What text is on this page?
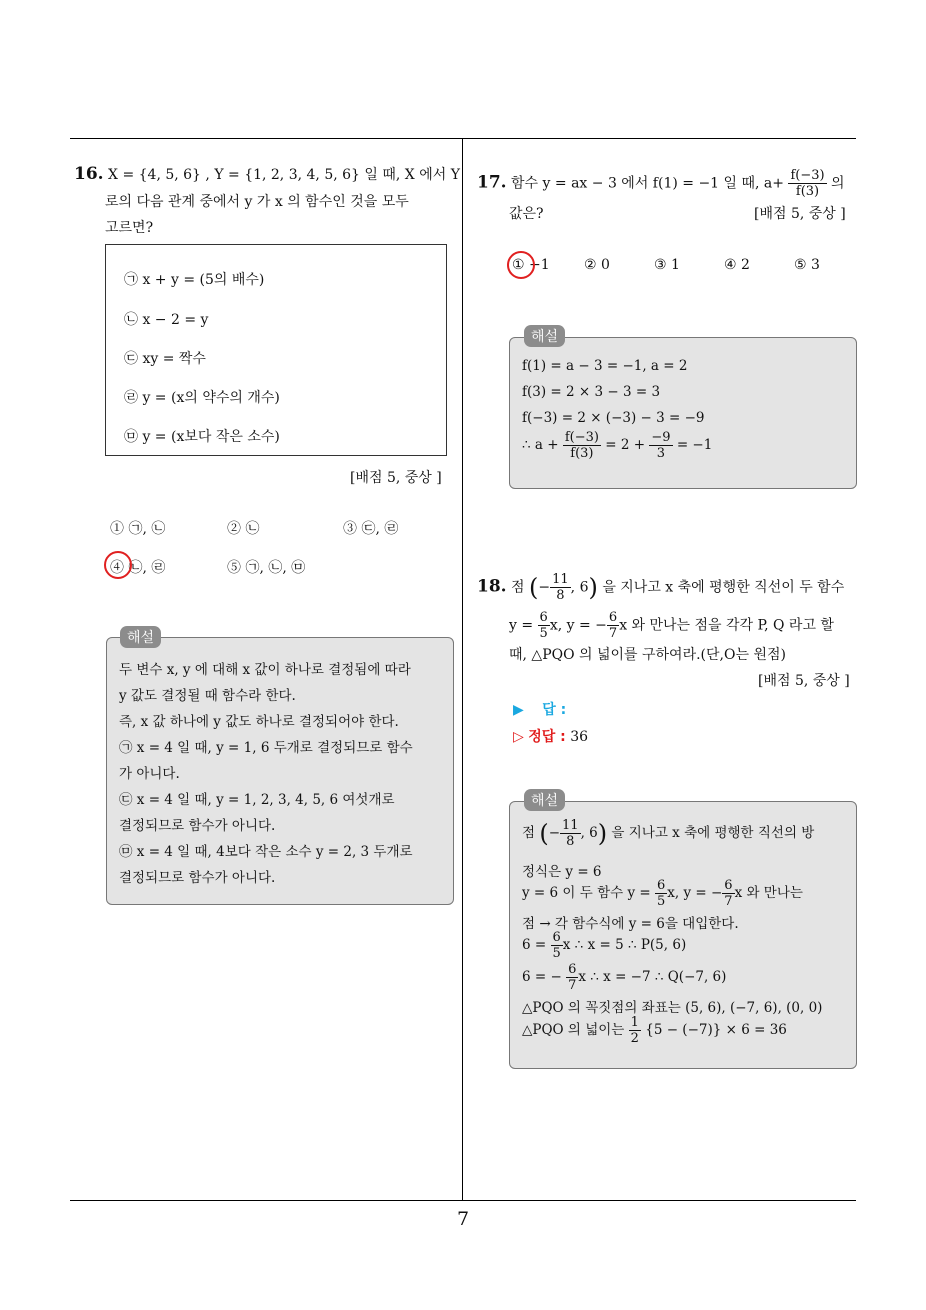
16. X = {4, 5, 6} , Y = {1, 2, 3, 4, 5, 6} 일 때, X 에서 Y
로의 다음 관계 중에서 y 가 x 의 함수인 것을 모두
고르면?
㉠ x + y = (5의 배수)
㉡ x − 2 = y
㉢ xy = 짝수
㉣ y = (x의 약수의 개수)
㉤ y = (x보다 작은 소수)
[배점 5, 중상 ]
① ㉠, ㉡	② ㉡	③ ㉢, ㉣
④ ㉡, ㉣	⑤ ㉠, ㉡, ㉤
두 변수 x, y 에 대해 x 값이 하나로 결정됨에 따라
y 값도 결정될 때 함수라 한다.
즉, x 값 하나에 y 값도 하나로 결정되어야 한다.
㉠ x = 4 일 때, y = 1, 6 두개로 결정되므로 함수
가 아니다.
㉢ x = 4 일 때, y = 1, 2, 3, 4, 5, 6 여섯개로
결정되므로 함수가 아니다.
㉤ x = 4 일 때, 4보다 작은 소수 y = 2, 3 두개로
결정되므로 함수가 아니다.
해설
17. 함수 y = ax − 3 에서 f(1) = −1 일 때, $a+ \frac{f(-3)}{f(3)}$ 의
값은?	[배점 5, 중상 ]
① −1 ② 0	③ 1	④ 2	⑤ 3
f(1) = a − 3 = −1, a = 2
f(3) = 2 × 3 − 3 = 3
f(−3) = 2 × (−3) − 3 = −9
∴ $a + \frac{f(-3)}{f(3)} = 2 + \frac{-9}{3} = -1$
해설
18. 점 (− $\frac{11}{8}$ , 6) 을 지나고 x 축에 평행한 직선이 두 함수
$y = \frac{6}{5} x$, y = − $\frac{6}{7}$ x 와 만나는 점을 각각 P, Q 라고 할
때, △PQO 의 넓이를 구하여라.(단,O는 원점)
[배점 5, 중상 ]
▶ 답 :
▷ 정답 : 36
점 (− $\frac{11}{8}$ , 6) 을 지나고 x 축에 평행한 직선의 방
정식은 y = 6
y = 6 이 두 함수 $y = \frac{6}{5} x$, y = − $\frac{6}{7}$ x 와 만나는
점 → 각 함수식에 y = 6을 대입한다.
$6 = \frac{6}{5}$ x ∴ x = 5 ∴ P(5, 6)
6 = − $\frac{6}{7}$ x ∴ x = −7 ∴ Q(−7, 6)
△PQO 의 꼭짓점의 좌표는 (5, 6), (−7, 6), (0, 0)
△PQO 의 넓이는 $\frac{1}{2} \{5 - (-7)\} \times 6 = 36$
해설
7
